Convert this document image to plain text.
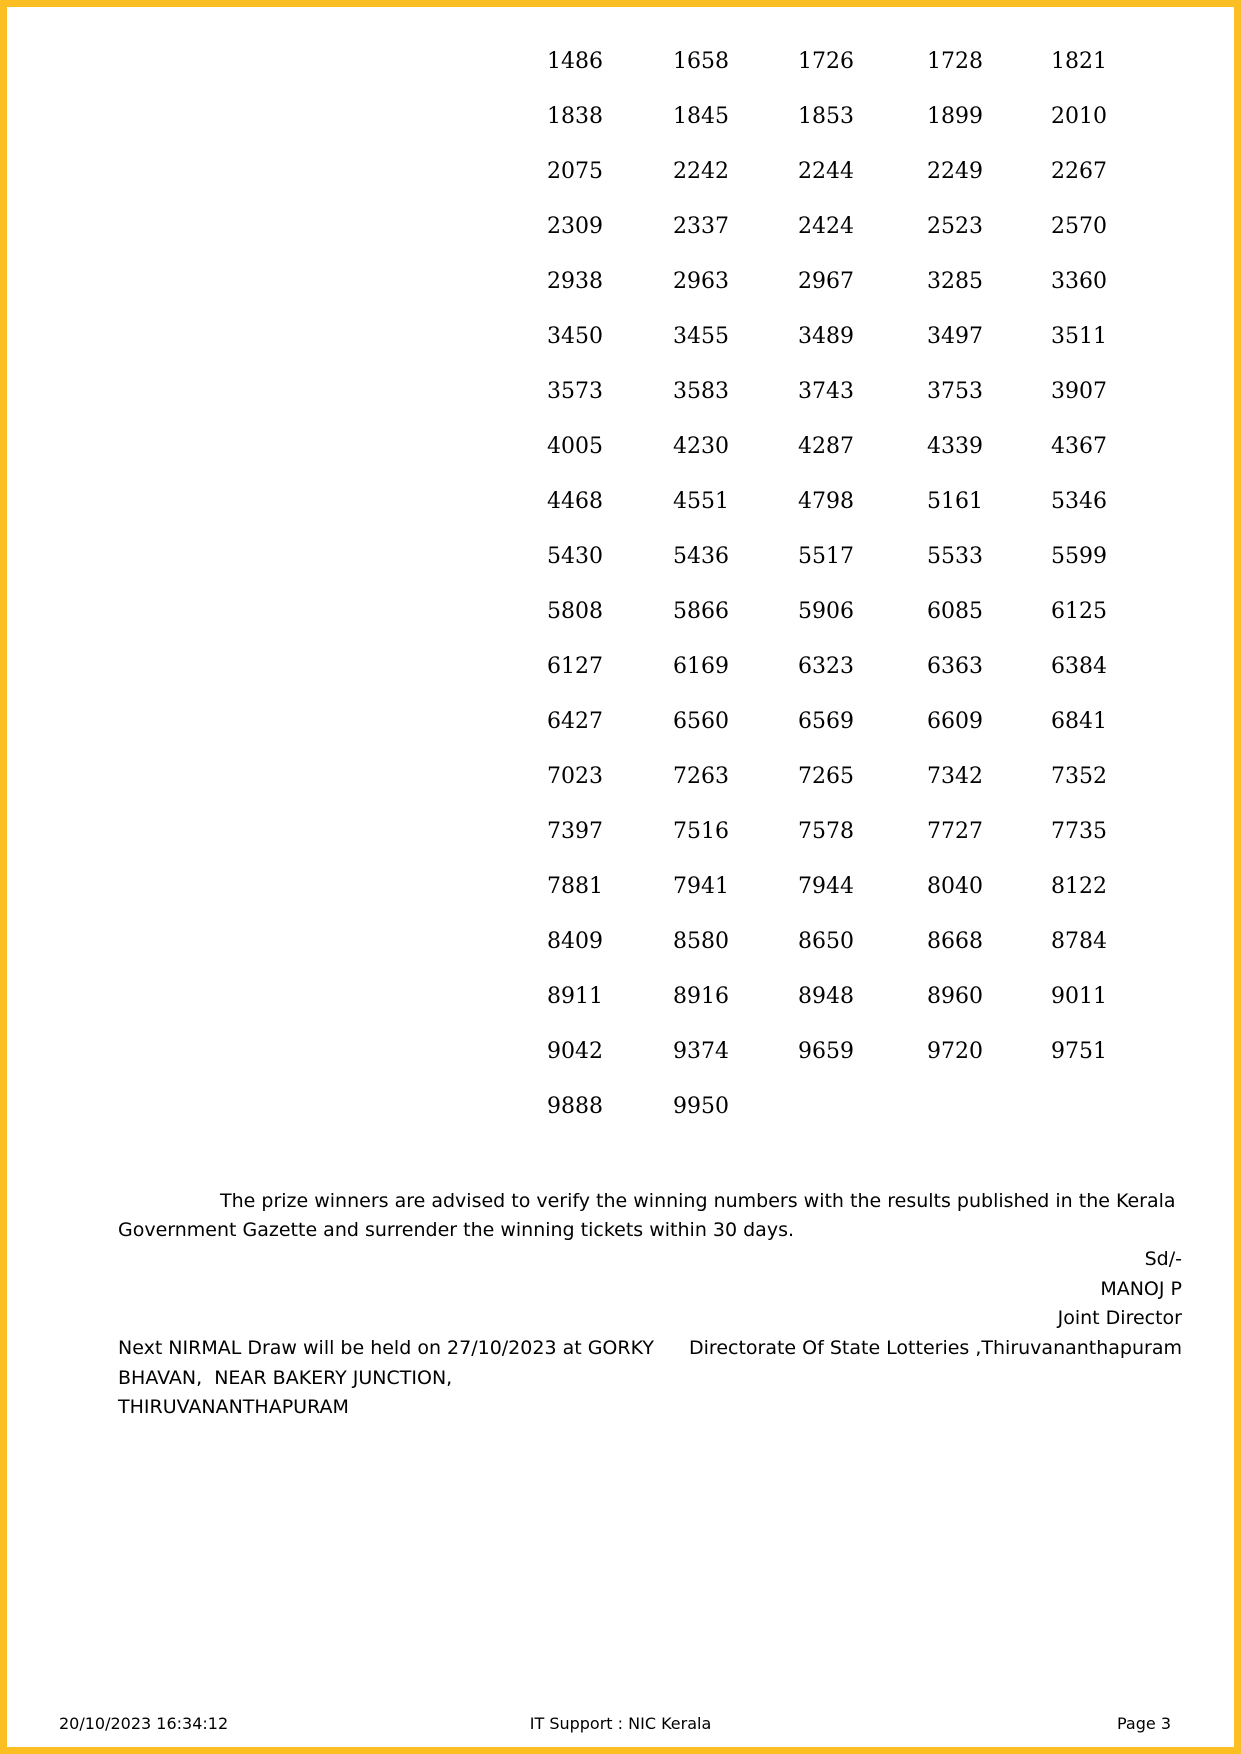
1486	1658	1726	1728	1821
1838	1845	1853	1899	2010
2075	2242	2244	2249	2267
2309	2337	2424	2523	2570
2938	2963	2967	3285	3360
3450	3455	3489	3497	3511
3573	3583	3743	3753	3907
4005	4230	4287	4339	4367
4468	4551	4798	5161	5346
5430	5436	5517	5533	5599
5808	5866	5906	6085	6125
6127	6169	6323	6363	6384
6427	6560	6569	6609	6841
7023	7263	7265	7342	7352
7397	7516	7578	7727	7735
7881	7941	7944	8040	8122
8409	8580	8650	8668	8784
8911	8916	8948	8960	9011
9042	9374	9659	9720	9751
9888	9950
The prize winners are advised to verify the winning numbers with the results published in the Kerala Government Gazette and surrender the winning tickets within 30 days.
Sd/-
MANOJ P
Joint Director
Directorate Of State Lotteries ,Thiruvananthapuram
Next NIRMAL Draw will be held on 27/10/2023 at GORKY
BHAVAN,  NEAR BAKERY JUNCTION,
THIRUVANANTHAPURAM
20/10/2023 16:34:12	IT Support : NIC Kerala	Page 3
